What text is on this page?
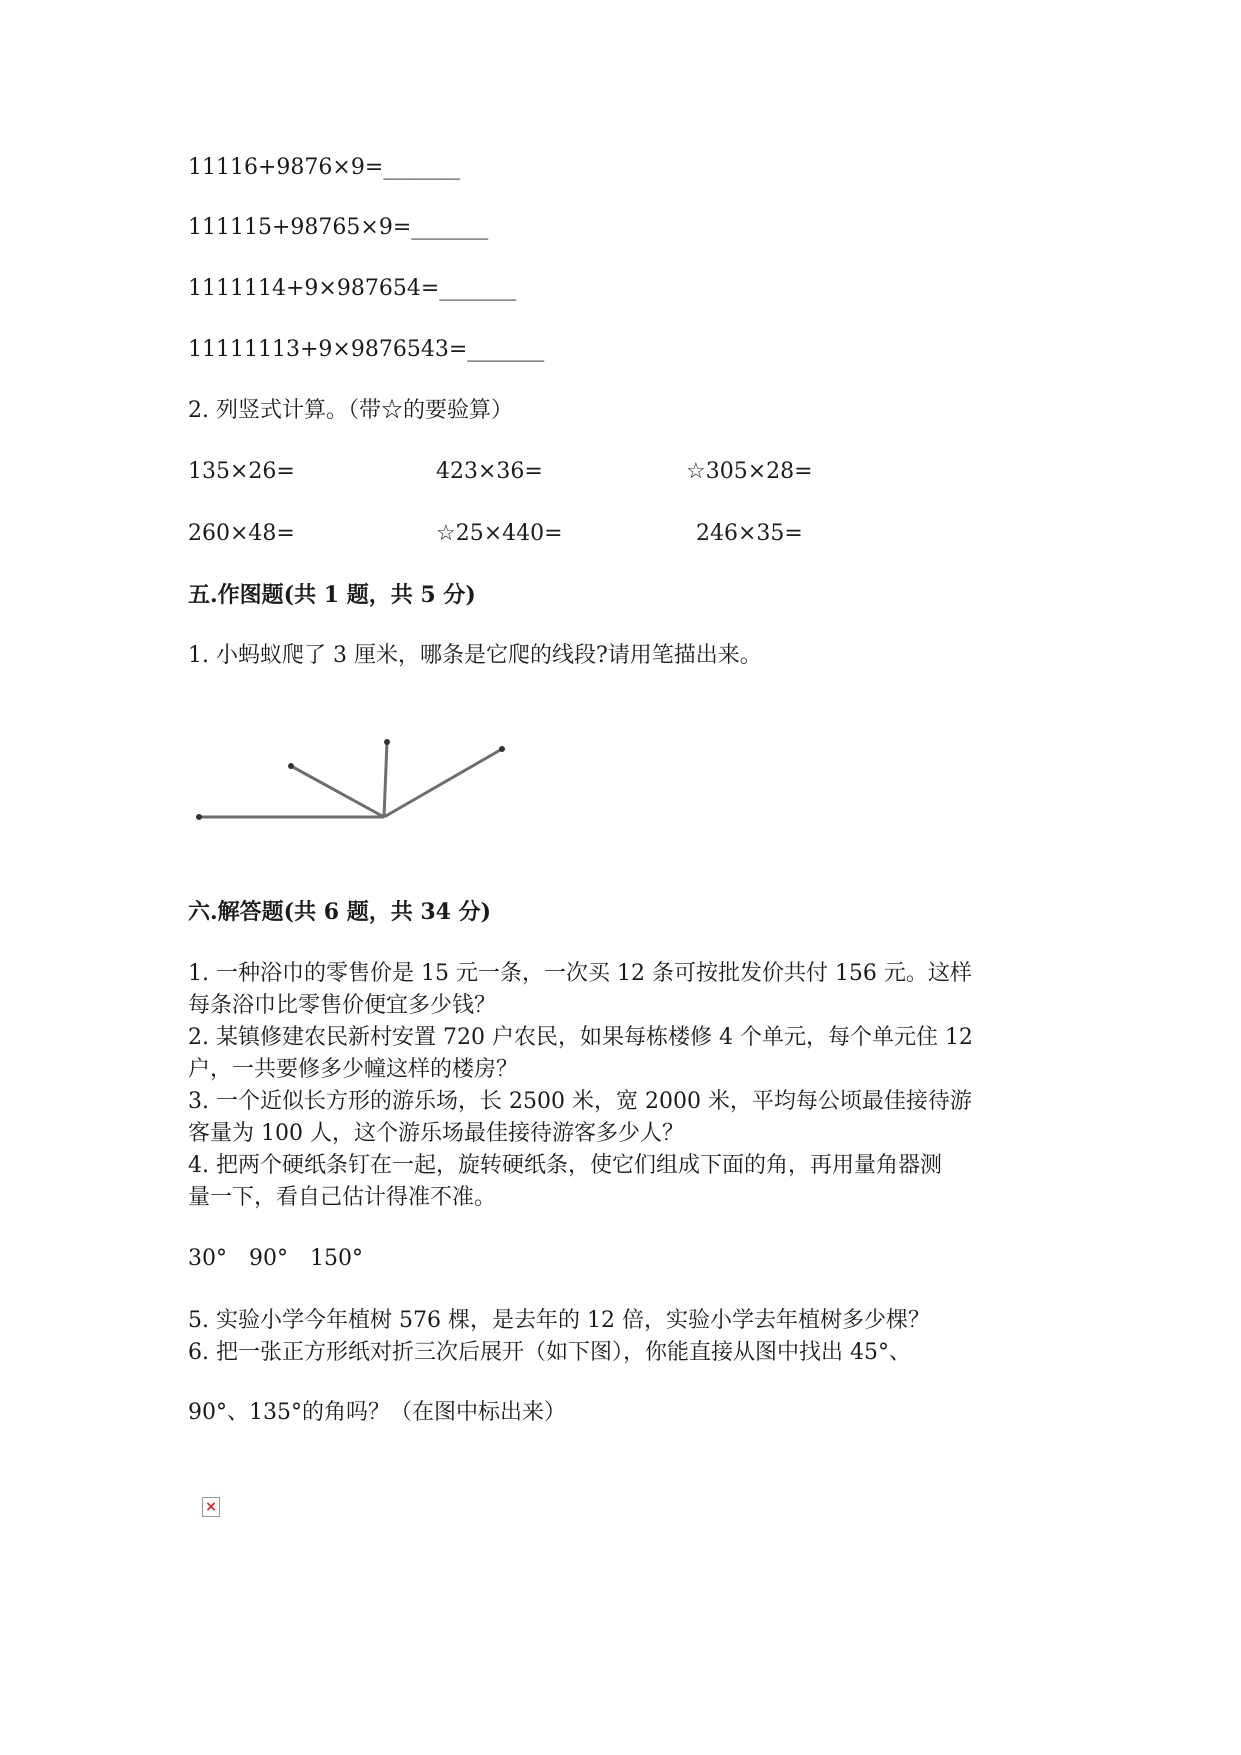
11116+9876×9=_______
111115+98765×9=_______
1111114+9×987654=_______
11111113+9×9876543=_______
2. 列竖式计算。（带☆的要验算）
135×26=	423×36=	☆305×28=
260×48=	☆25×440=	246×35=
五.作图题(共 1 题，共 5 分)
1. 小蚂蚁爬了 3 厘米，哪条是它爬的线段?请用笔描出来。
六.解答题(共 6 题，共 34 分)
1. 一种浴巾的零售价是 15 元一条，一次买 12 条可按批发价共付 156 元。这样
每条浴巾比零售价便宜多少钱？
2. 某镇修建农民新村安置 720 户农民，如果每栋楼修 4 个单元，每个单元住 12
户，一共要修多少幢这样的楼房？
3. 一个近似长方形的游乐场，长 2500 米，宽 2000 米，平均每公顷最佳接待游
客量为 100 人，这个游乐场最佳接待游客多少人？
4. 把两个硬纸条钉在一起，旋转硬纸条，使它们组成下面的角，再用量角器测
量一下，看自己估计得准不准。
30°　90°　150°
5. 实验小学今年植树 576 棵，是去年的 12 倍，实验小学去年植树多少棵？
6. 把一张正方形纸对折三次后展开（如下图），你能直接从图中找出 45°、
90°、135°的角吗？（在图中标出来）
×
